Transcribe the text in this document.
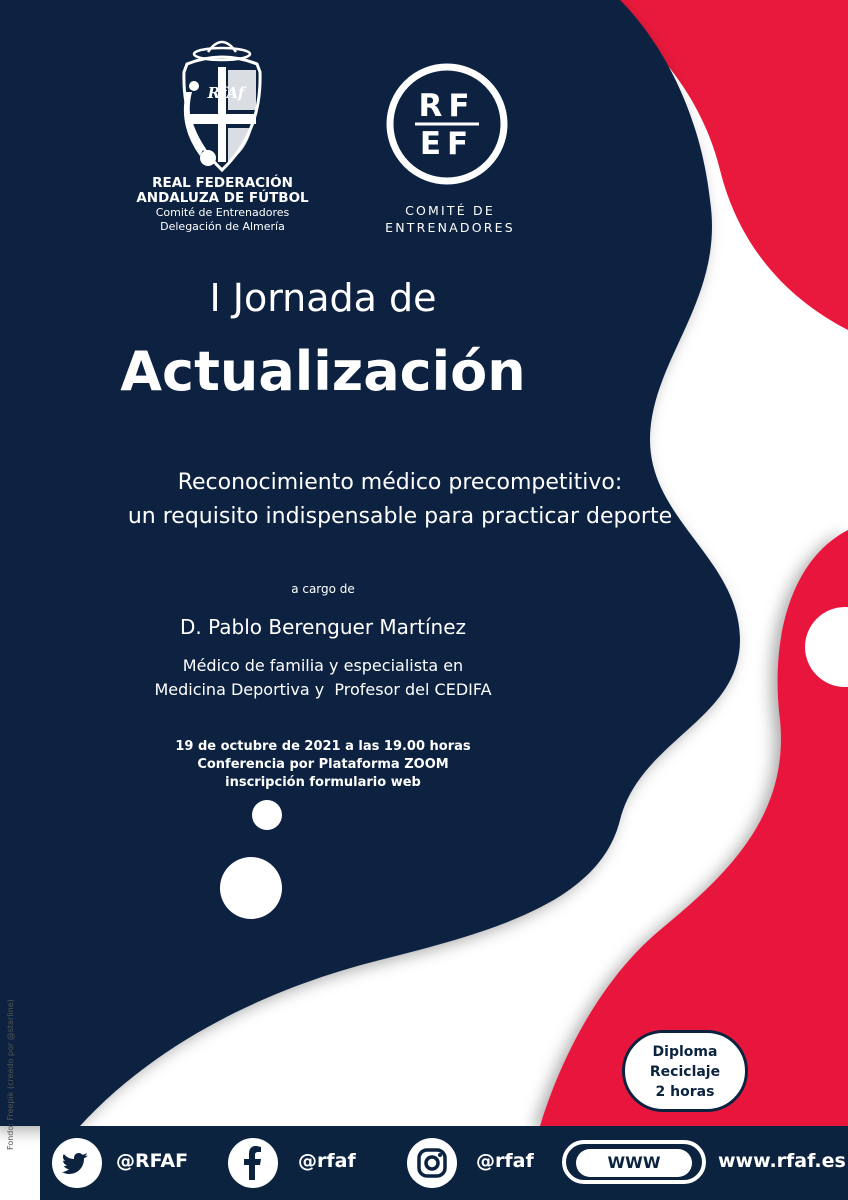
RfAf
REAL FEDERACIÓN
ANDALUZA DE FÚTBOL
Comité de Entrenadores
Delegación de Almería
RF
EF
COMITÉ DE
ENTRENADORES
I Jornada de
Actualización
Reconocimiento médico precompetitivo:
un requisito indispensable para practicar deporte
a cargo de
D. Pablo Berenguer Martínez
Médico de familia y especialista en
Medicina Deportiva y  Profesor del CEDIFA
19 de octubre de 2021 a las 19.00 horas
Conferencia por Plataforma ZOOM
inscripción formulario web
Diploma
Reciclaje
2 horas
Fondo: Freepik (creado por @starline)
@RFAF	@rfaf	@rfaf	WWW	www.rfaf.es
